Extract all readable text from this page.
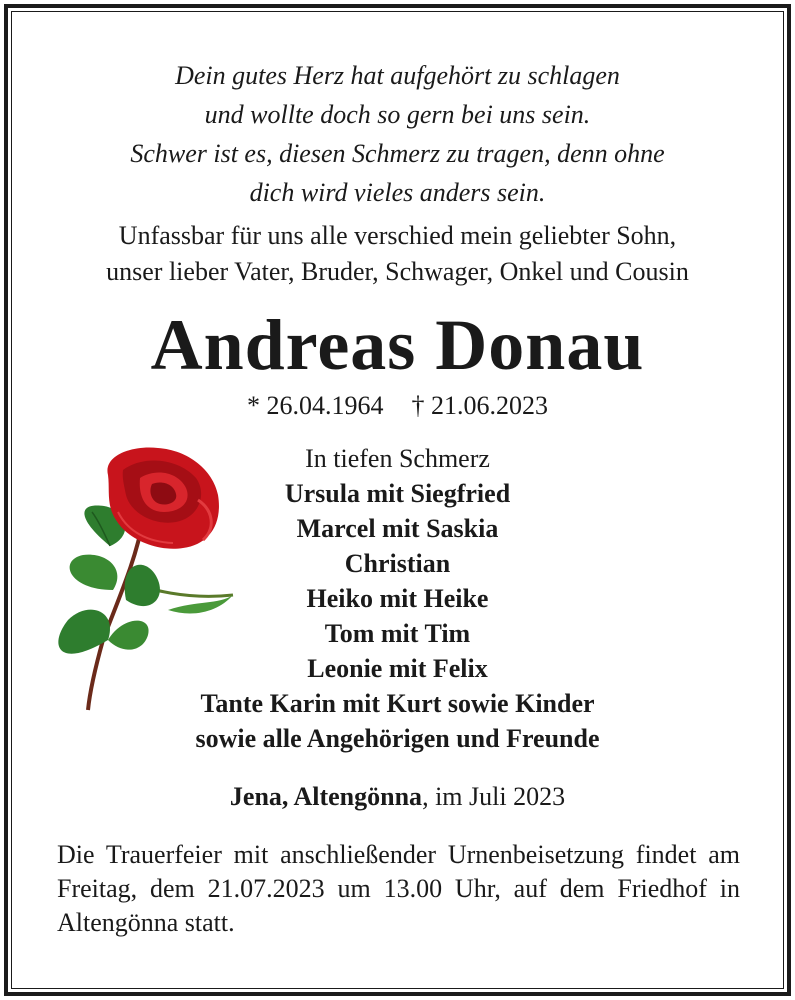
Dein gutes Herz hat aufgehört zu schlagen
und wollte doch so gern bei uns sein.
Schwer ist es, diesen Schmerz zu tragen, denn ohne
dich wird vieles anders sein.
Unfassbar für uns alle verschied mein geliebter Sohn,
unser lieber Vater, Bruder, Schwager, Onkel und Cousin
Andreas Donau
* 26.04.1964 † 21.06.2023
In tiefen Schmerz
Ursula mit Siegfried
Marcel mit Saskia
Christian
Heiko mit Heike
Tom mit Tim
Leonie mit Felix
Tante Karin mit Kurt sowie Kinder
sowie alle Angehörigen und Freunde
Jena, Altengönna, im Juli 2023
Die Trauerfeier mit anschließender Urnenbeisetzung findet am Freitag, dem 21.07.2023 um 13.00 Uhr, auf dem Friedhof in Altengönna statt.
